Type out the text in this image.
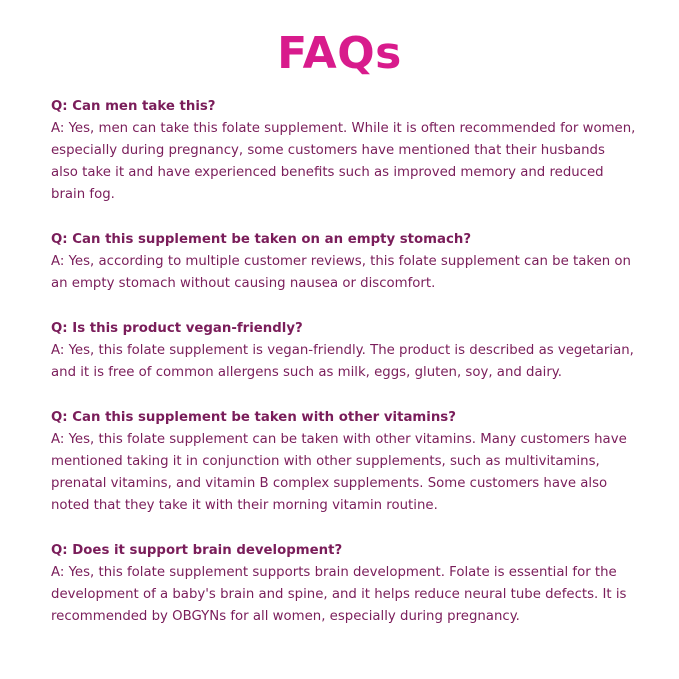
FAQs

Q: Can men take this?

A: Yes, men can take this folate supplement. While it is often recommended for women, especially during pregnancy, some customers have mentioned that their husbands also take it and have experienced benefits such as improved memory and reduced brain fog.

Q: Can this supplement be taken on an empty stomach?

A: Yes, according to multiple customer reviews, this folate supplement can be taken on an empty stomach without causing nausea or discomfort.

Q: Is this product vegan-friendly?

A: Yes, this folate supplement is vegan-friendly. The product is described as vegetarian, and it is free of common allergens such as milk, eggs, gluten, soy, and dairy.

Q: Can this supplement be taken with other vitamins?

A: Yes, this folate supplement can be taken with other vitamins. Many customers have mentioned taking it in conjunction with other supplements, such as multivitamins, prenatal vitamins, and vitamin B complex supplements. Some customers have also noted that they take it with their morning vitamin routine.

Q: Does it support brain development?

A: Yes, this folate supplement supports brain development. Folate is essential for the development of a baby's brain and spine, and it helps reduce neural tube defects. It is recommended by OBGYNs for all women, especially during pregnancy.
